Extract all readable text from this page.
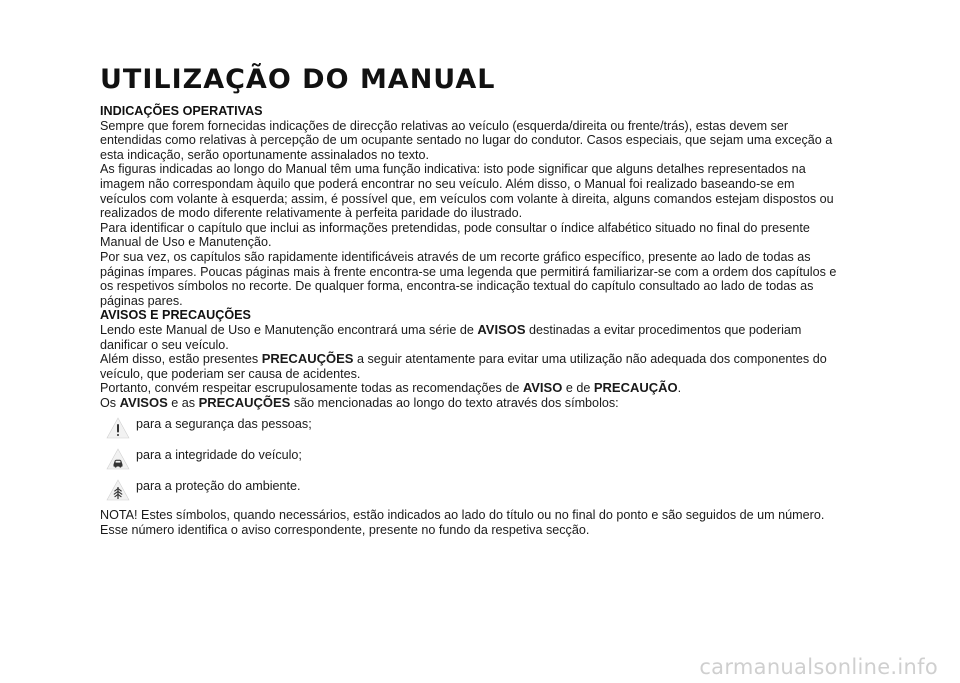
UTILIZAÇÃO DO MANUAL
INDICAÇÕES OPERATIVAS

Sempre que forem fornecidas indicações de direcção relativas ao veículo (esquerda/direita ou frente/trás), estas devem ser entendidas como relativas à percepção de um ocupante sentado no lugar do condutor. Casos especiais, que sejam uma exceção a esta indicação, serão oportunamente assinalados no texto.

As figuras indicadas ao longo do Manual têm uma função indicativa: isto pode significar que alguns detalhes representados na imagem não correspondam àquilo que poderá encontrar no seu veículo. Além disso, o Manual foi realizado baseando-se em veículos com volante à esquerda; assim, é possível que, em veículos com volante à direita, alguns comandos estejam dispostos ou realizados de modo diferente relativamente à perfeita paridade do ilustrado.

Para identificar o capítulo que inclui as informações pretendidas, pode consultar o índice alfabético situado no final do presente Manual de Uso e Manutenção.

Por sua vez, os capítulos são rapidamente identificáveis através de um recorte gráfico específico, presente ao lado de todas as páginas ímpares. Poucas páginas mais à frente encontra-se uma legenda que permitirá familiarizar-se com a ordem dos capítulos e os respetivos símbolos no recorte. De qualquer forma, encontra-se indicação textual do capítulo consultado ao lado de todas as páginas pares.

AVISOS E PRECAUÇÕES

Lendo este Manual de Uso e Manutenção encontrará uma série de AVISOS destinadas a evitar procedimentos que poderiam danificar o seu veículo.

Além disso, estão presentes PRECAUÇÕES a seguir atentamente para evitar uma utilização não adequada dos componentes do veículo, que poderiam ser causa de acidentes.

Portanto, convém respeitar escrupulosamente todas as recomendações de AVISO e de PRECAUÇÃO.

Os AVISOS e as PRECAUÇÕES são mencionadas ao longo do texto através dos símbolos:

para a segurança das pessoas;
para a integridade do veículo;
para a proteção do ambiente.

NOTA! Estes símbolos, quando necessários, estão indicados ao lado do título ou no final do ponto e são seguidos de um número. Esse número identifica o aviso correspondente, presente no fundo da respetiva secção.

carmanualsonline.info
